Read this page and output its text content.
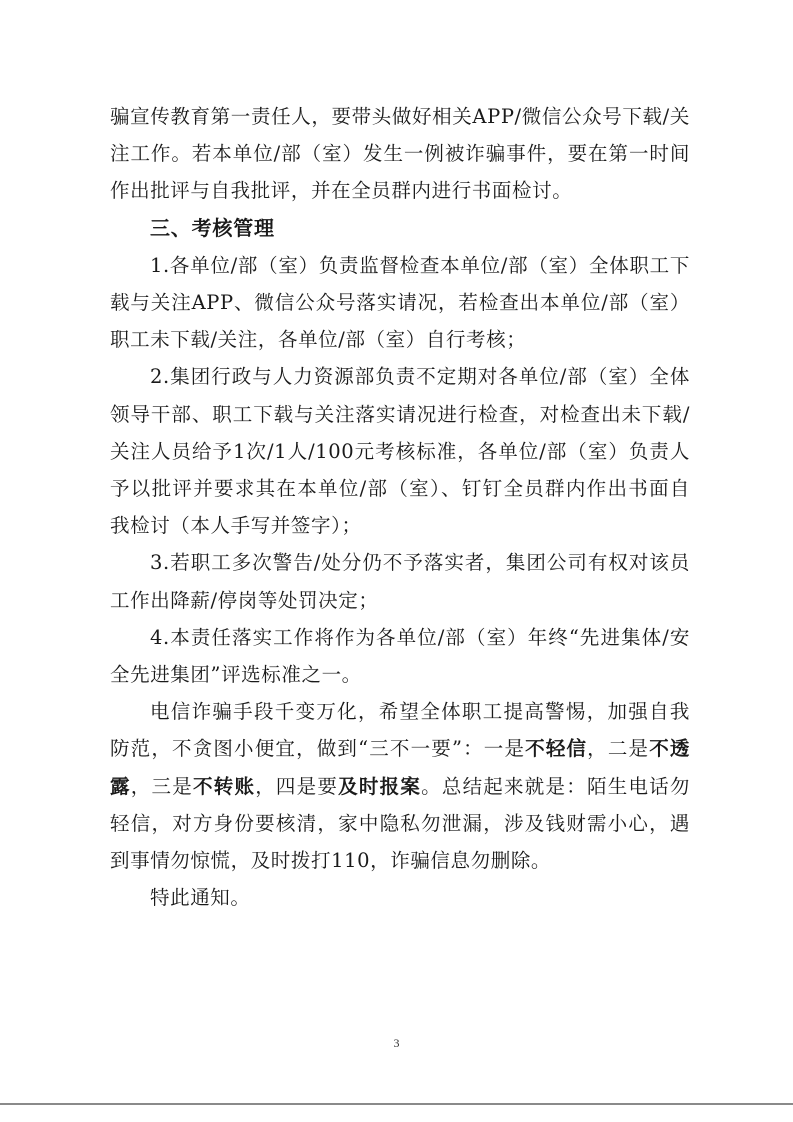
骗宣传教育第一责任人，要带头做好相关APP/微信公众号下载/关注工作。若本单位/部（室）发生一例被诈骗事件，要在第一时间作出批评与自我批评，并在全员群内进行书面检讨。

三、考核管理

1.各单位/部（室）负责监督检查本单位/部（室）全体职工下载与关注APP、微信公众号落实请况，若检查出本单位/部（室）职工未下载/关注，各单位/部（室）自行考核；

2.集团行政与人力资源部负责不定期对各单位/部（室）全体领导干部、职工下载与关注落实请况进行检查，对检查出未下载/关注人员给予1次/1人/100元考核标准，各单位/部（室）负责人予以批评并要求其在本单位/部（室）、钉钉全员群内作出书面自我检讨（本人手写并签字）；

3.若职工多次警告/处分仍不予落实者，集团公司有权对该员工作出降薪/停岗等处罚决定；

4.本责任落实工作将作为各单位/部（室）年终“先进集体/安全先进集团”评选标准之一。

电信诈骗手段千变万化，希望全体职工提高警惕，加强自我防范，不贪图小便宜，做到“三不一要”：一是不轻信，二是不透露，三是不转账，四是要及时报案。总结起来就是：陌生电话勿轻信，对方身份要核清，家中隐私勿泄漏，涉及钱财需小心，遇到事情勿惊慌，及时拨打110，诈骗信息勿删除。

特此通知。

3
